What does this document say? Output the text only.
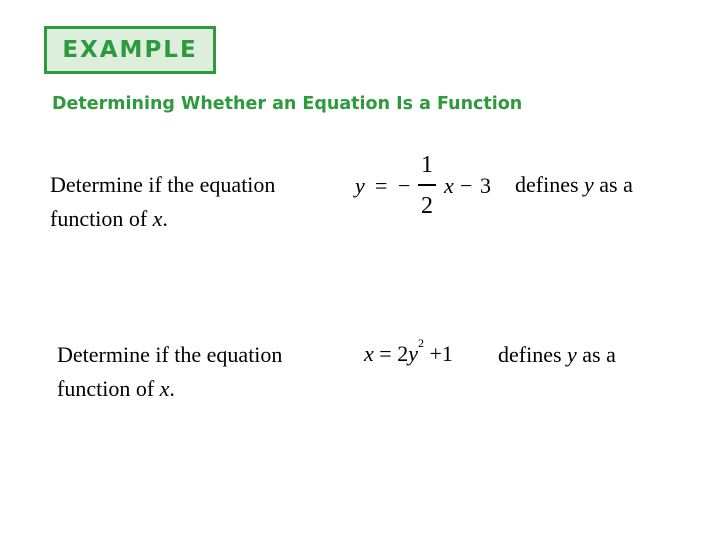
EXAMPLE
Determining Whether an Equation Is a Function
Determine if the equation	y = −
1
2
x − 3 defines y as a
function of x.
Determine if the equation	$x = 2y^2 +1$ defines y as a
function of x.
